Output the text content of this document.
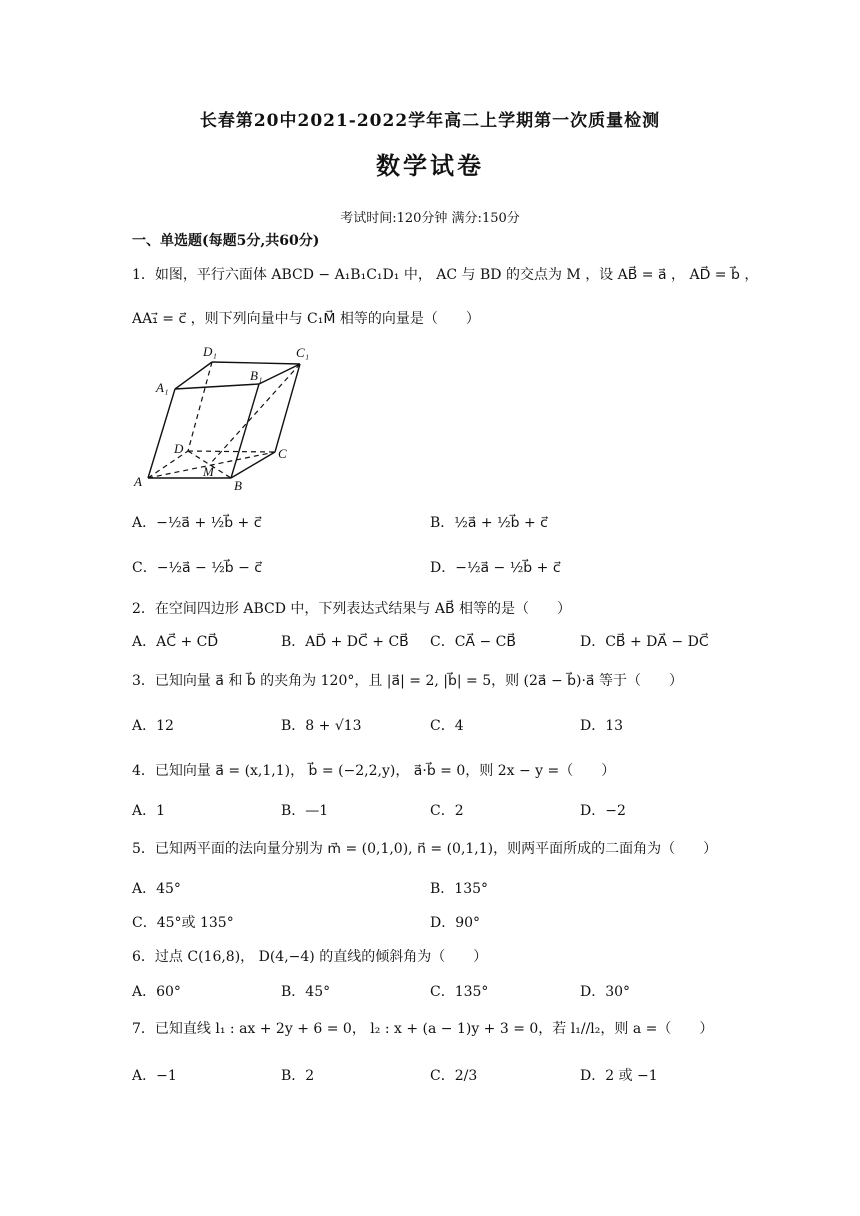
长春第20中2021-2022学年高二上学期第一次质量检测
数学试卷
考试时间:120分钟 满分:150分
一、单选题(每题5分,共60分)
1．如图，平行六面体 ABCD − A₁B₁C₁D₁ 中， AC 与 BD 的交点为 M ，设 AB⃗ = a⃗ ， AD⃗ = b⃗ ，
AA₁⃗ = c⃗ ，则下列向量中与 C₁M⃗ 相等的向量是（　　）
A	B
C
D
A₁
B₁
C₁
D₁
M
A．−½a⃗ + ½b⃗ + c⃗	B．½a⃗ + ½b⃗ + c⃗
C．−½a⃗ − ½b⃗ − c⃗	D．−½a⃗ − ½b⃗ + c⃗
2．在空间四边形 ABCD 中，下列表达式结果与 AB⃗ 相等的是（　　）
A．AC⃗ + CD⃗	B．AD⃗ + DC⃗ + CB⃗ C．CA⃗ − CB⃗	D．CB⃗ + DA⃗ − DC⃗
3．已知向量 a⃗ 和 b⃗ 的夹角为 120°，且 |a⃗| = 2, |b⃗| = 5，则 (2a⃗ − b⃗)·a⃗ 等于（　　）
A．12	B．8 + √13	C．4	D．13
4．已知向量 a⃗ = (x,1,1)， b⃗ = (−2,2,y)， a⃗·b⃗ = 0，则 2x − y =（　　）
A．1	B．—1	C．2	D．−2
5．已知两平面的法向量分别为 m⃗ = (0,1,0), n⃗ = (0,1,1)，则两平面所成的二面角为（　　）
A．45°	B．135°
C．45°或 135°	D．90°
6．过点 C(16,8)， D(4,−4) 的直线的倾斜角为（　　）
A．60°	B．45°	C．135°	D．30°
7．已知直线 l₁ : ax + 2y + 6 = 0， l₂ : x + (a − 1)y + 3 = 0，若 l₁//l₂，则 a =（　　）
A．−1	B．2	C．2/3	D．2 或 −1
